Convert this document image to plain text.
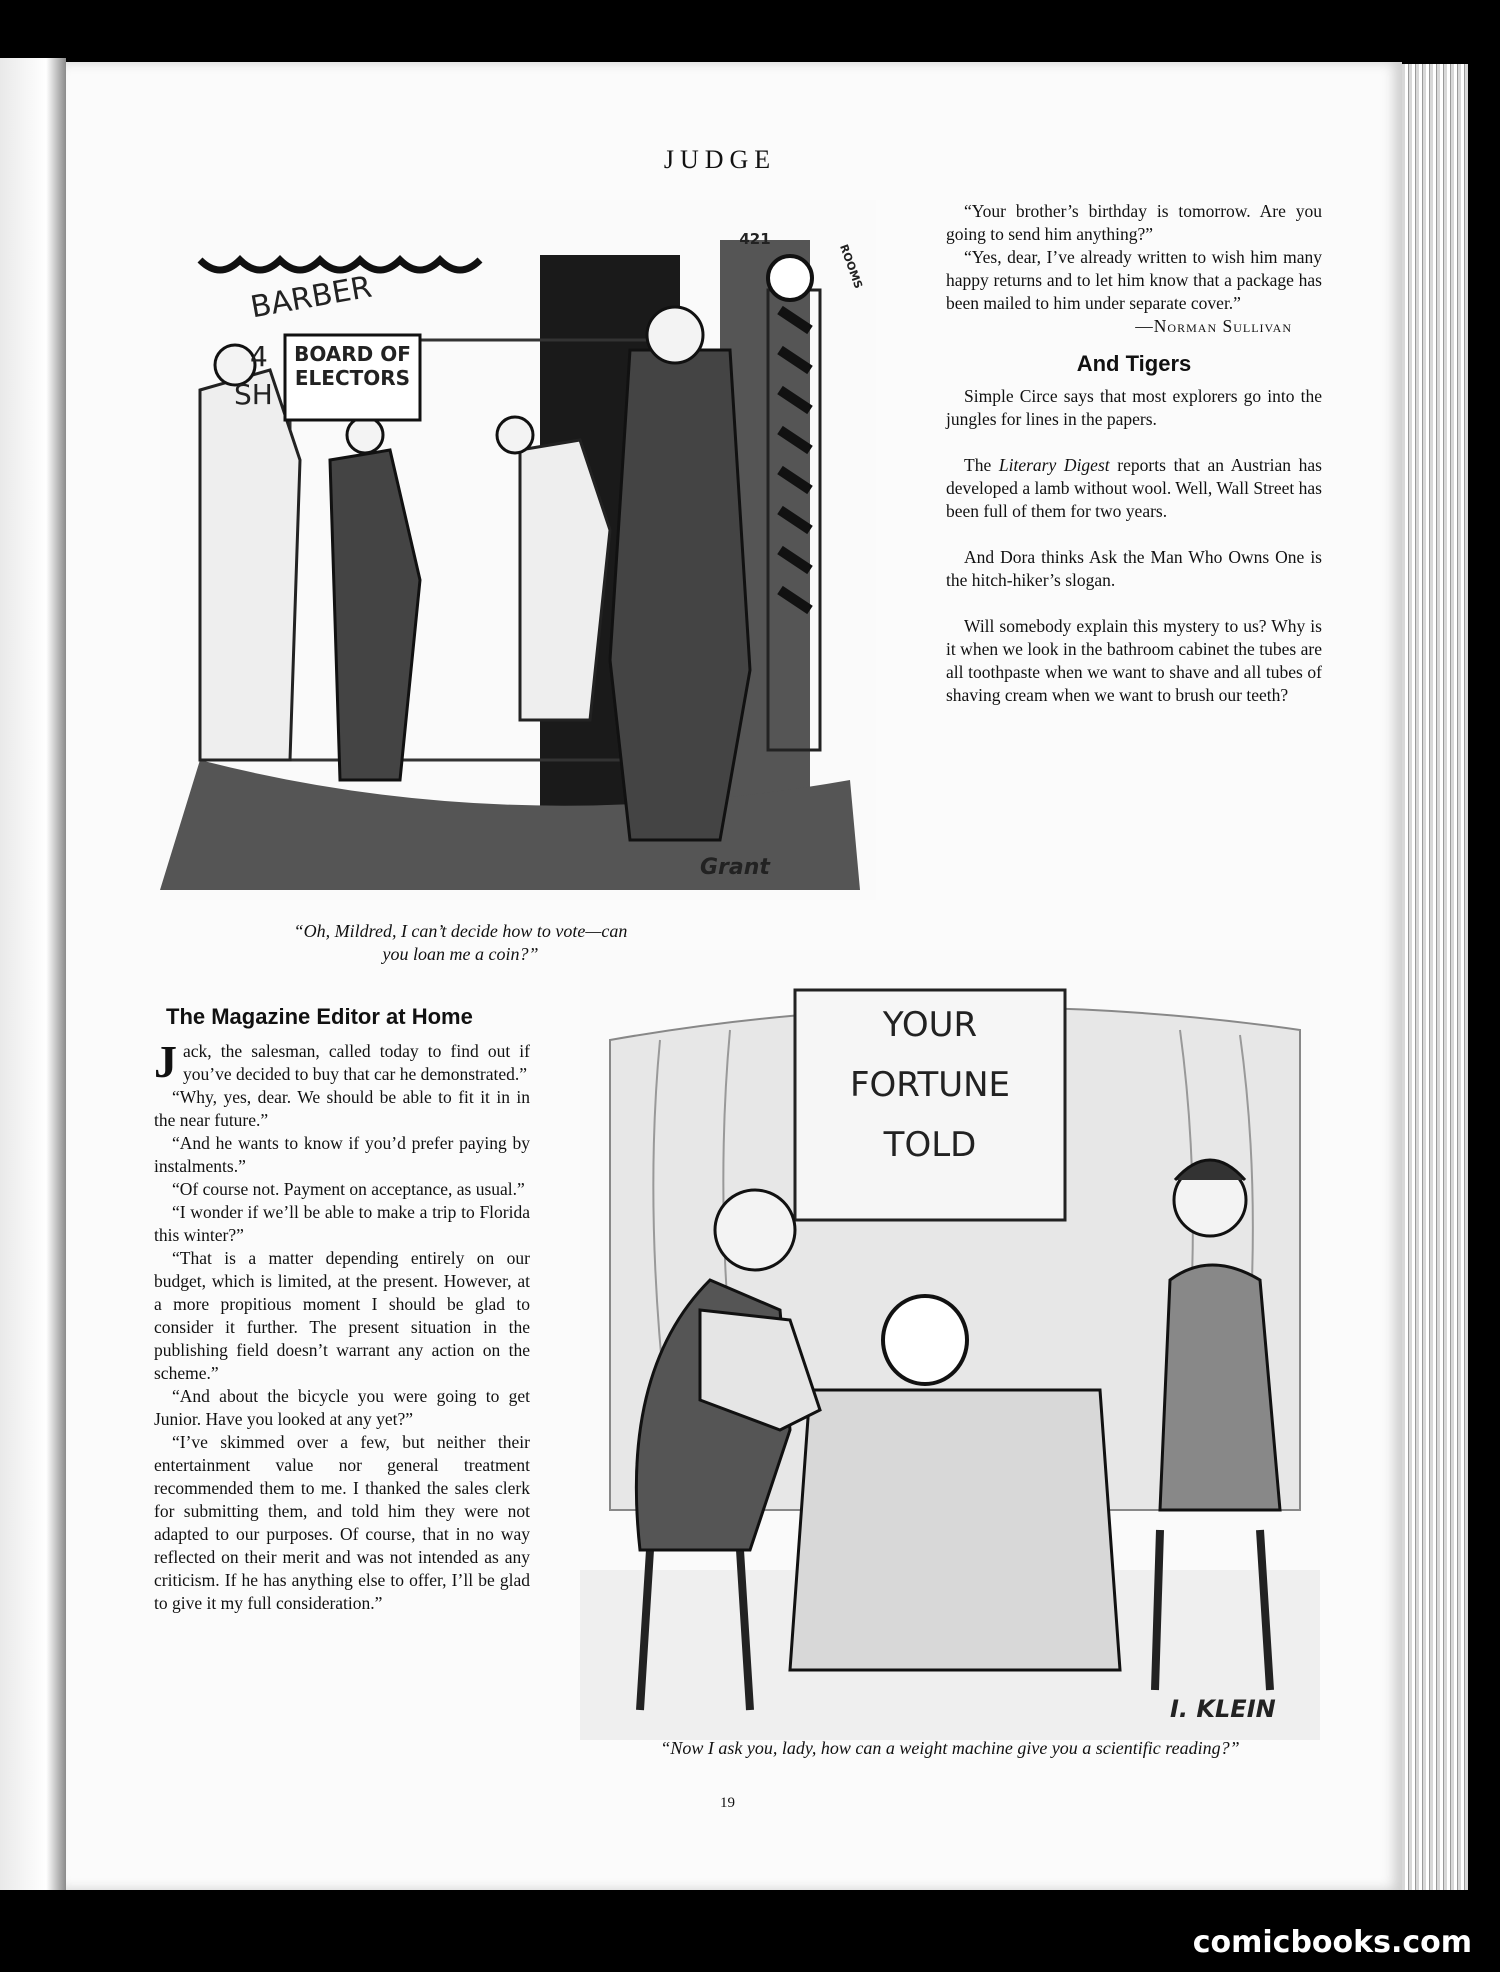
JUDGE
BARBER
4
SH
BOARD OF ELECTORS
421
ROOMS
Grant
“Oh, Mildred, I can’t decide how to vote—can you loan me a coin?”

“Your brother’s birthday is tomorrow. Are you going to send him anything?”

“Yes, dear, I’ve already written to wish him many happy returns and to let him know that a package has been mailed to him under separate cover.”

—Norman Sullivan

And Tigers

Simple Circe says that most explorers go into the jungles for lines in the papers.

The Literary Digest reports that an Austrian has developed a lamb without wool. Well, Wall Street has been full of them for two years.

And Dora thinks Ask the Man Who Owns One is the hitch-hiker’s slogan.

Will somebody explain this mystery to us? Why is it when we look in the bathroom cabinet the tubes are all toothpaste when we want to shave and all tubes of shaving cream when we want to brush our teeth?

The Magazine Editor at Home

Jack, the salesman, called today to find out if you’ve decided to buy that car he demonstrated.”

“Why, yes, dear. We should be able to fit it in in the near future.”

“And he wants to know if you’d prefer paying by instalments.”

“Of course not. Payment on acceptance, as usual.”

“I wonder if we’ll be able to make a trip to Florida this winter?”

“That is a matter depending entirely on our budget, which is limited, at the present. However, at a more propitious moment I should be glad to consider it further. The present situation in the publishing field doesn’t warrant any action on the scheme.”

“And about the bicycle you were going to get Junior. Have you looked at any yet?”

“I’ve skimmed over a few, but neither their entertainment value nor general treatment recommended them to me. I thanked the sales clerk for submitting them, and told him they were not adapted to our purposes. Of course, that in no way reflected on their merit and was not intended as any criticism. If he has anything else to offer, I’ll be glad to give it my full consideration.”

YOUR
FORTUNE
TOLD
I. KLEIN
“Now I ask you, lady, how can a weight machine give you a scientific reading?”
19
comicbooks.com
